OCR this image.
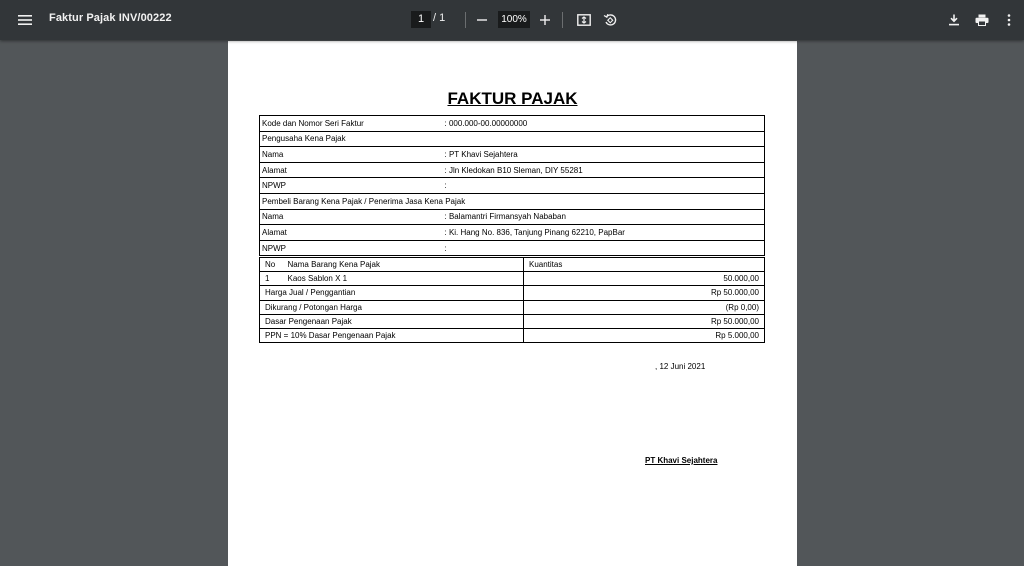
Faktur Pajak INV/00222	1 / 1	100%
FAKTUR PAJAK
Kode dan Nomor Seri Faktur	: 000.000-00.00000000
Pengusaha Kena Pajak	
Nama	: PT Khavi Sejahtera
Alamat	: Jln Kledokan B10 Sleman, DIY 55281
NPWP	:
Pembeli Barang Kena Pajak / Penerima Jasa Kena Pajak	
Nama	: Balamantri Firmansyah Nababan
Alamat	: Ki. Hang No. 836, Tanjung Pinang 62210, PapBar
NPWP	:
No	Nama Barang Kena Pajak	Kuantitas
1	Kaos Sablon X 1	50.000,00
Harga Jual / Penggantian		Rp 50.000,00
Dikurang / Potongan Harga		(Rp 0,00)
Dasar Pengenaan Pajak		Rp 50.000,00
PPN = 10% Dasar Pengenaan Pajak		Rp 5.000,00
, 12 Juni 2021
PT Khavi Sejahtera
